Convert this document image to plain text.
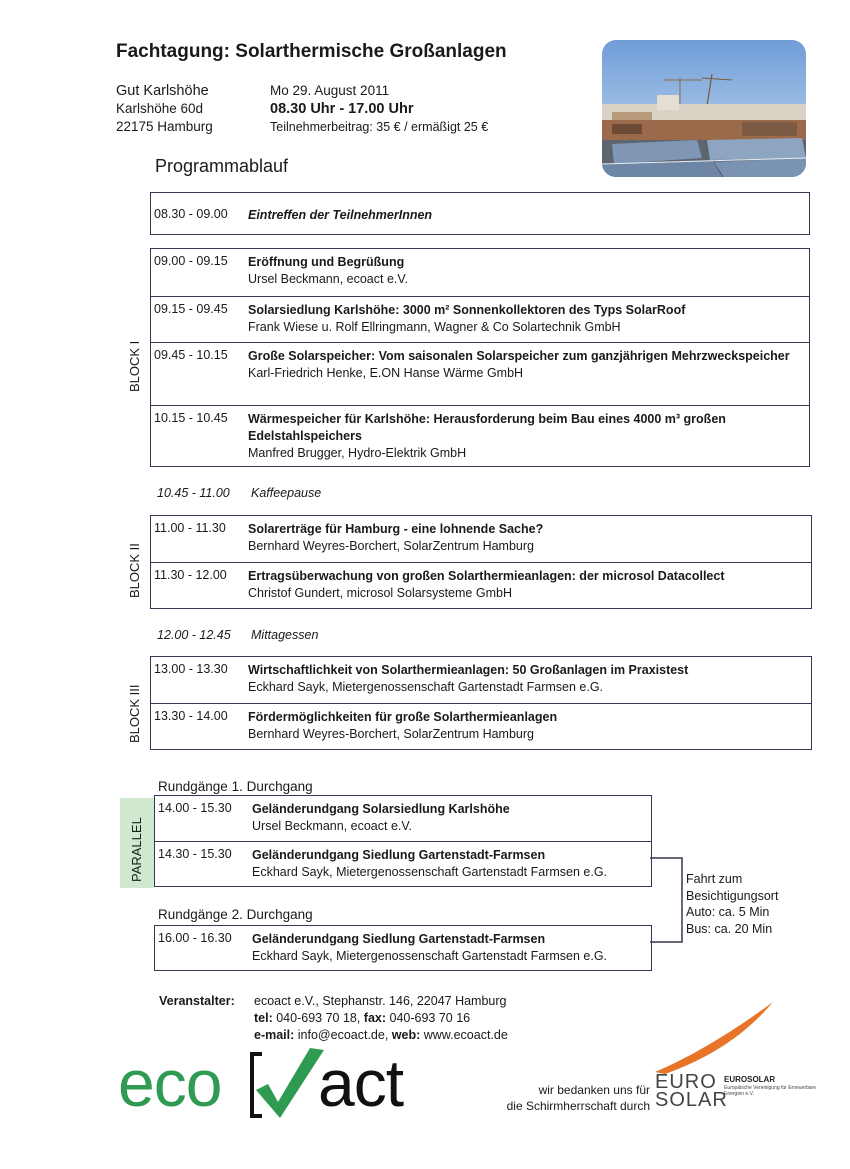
Fachtagung: Solarthermische Großanlagen
Gut Karlshöhe
Karlshöhe 60d
22175 Hamburg
Mo 29. August 2011
08.30 Uhr - 17.00 Uhr
Teilnehmerbeitrag: 35 € / ermäßigt 25 €
Programmablauf
08.30 - 09.00	Eintreffen der TeilnehmerInnen
BLOCK I
09.00 - 09.15	Eröffnung und Begrüßung
Ursel Beckmann, ecoact e.V.
09.15 - 09.45	Solarsiedlung Karlshöhe: 3000 m² Sonnenkollektoren des Typs SolarRoof
Frank Wiese u. Rolf Ellringmann, Wagner & Co Solartechnik GmbH
09.45 - 10.15	Große Solarspeicher: Vom saisonalen Solarspeicher zum ganzjährigen Mehrzweckspeicher
Karl-Friedrich Henke, E.ON Hanse Wärme GmbH
10.15 - 10.45	Wärmespeicher für Karlshöhe: Herausforderung beim Bau eines 4000 m³ großen Edelstahlspeichers
Manfred Brugger, Hydro-Elektrik GmbH
10.45 - 11.00 Kaffeepause
BLOCK II
11.00 - 11.30	Solarerträge für Hamburg - eine lohnende Sache?
Bernhard Weyres-Borchert, SolarZentrum Hamburg
11.30 - 12.00	Ertragsüberwachung von großen Solarthermieanlagen: der microsol Datacollect
Christof Gundert, microsol Solarsysteme GmbH
12.00 - 12.45 Mittagessen
BLOCK III
13.00 - 13.30	Wirtschaftlichkeit von Solarthermieanlagen: 50 Großanlagen im Praxistest
Eckhard Sayk, Mietergenossenschaft Gartenstadt Farmsen e.G.
13.30 - 14.00	Fördermöglichkeiten für große Solarthermieanlagen
Bernhard Weyres-Borchert, SolarZentrum Hamburg
Rundgänge 1. Durchgang
PARALLEL
14.00 - 15.30	Geländerundgang Solarsiedlung Karlshöhe
Ursel Beckmann, ecoact e.V.
14.30 - 15.30	Geländerundgang Siedlung Gartenstadt-Farmsen
Eckhard Sayk, Mietergenossenschaft Gartenstadt Farmsen e.G.
Rundgänge 2. Durchgang
16.00 - 16.30	Geländerundgang Siedlung Gartenstadt-Farmsen
Eckhard Sayk, Mietergenossenschaft Gartenstadt Farmsen e.G.
Fahrt zum
Besichtigungsort
Auto: ca. 5 Min
Bus: ca. 20 Min
Veranstalter: ecoact e.V., Stephanstr. 146, 22047 Hamburg
tel: 040-693 70 18, fax: 040-693 70 16
e-mail: info@ecoact.de, web: www.ecoact.de
eco act	wir bedanken uns für
die Schirmherrschaft durch
EURO
SOLAR
EUROSOLAR
Europäische Vereinigung für Erneuerbare Energien e.V.
